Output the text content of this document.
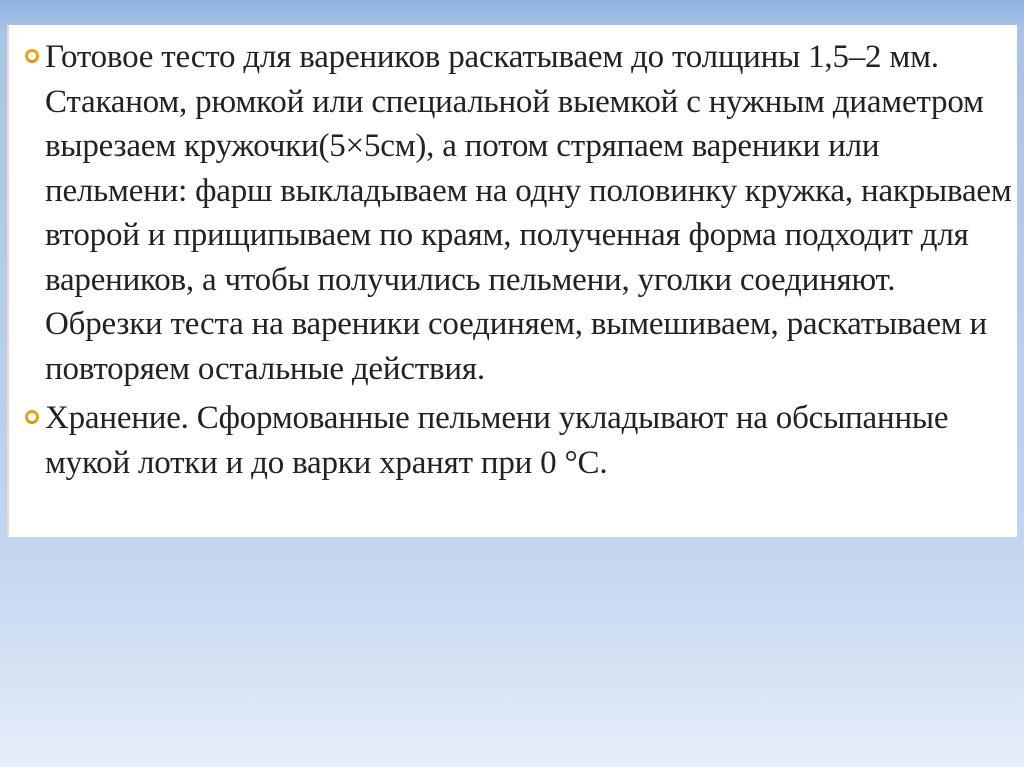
Готовое тесто для вареников раскатываем до толщины 1,5–2 мм. Стаканом, рюмкой или специальной выемкой с нужным диаметром вырезаем кружочки(5×5см), а потом стряпаем вареники или пельмени: фарш выкладываем на одну половинку кружка, накрываем второй и прищипываем по краям, полученная форма подходит для вареников, а чтобы получились пельмени, уголки соединяют. Обрезки теста на вареники соединяем, вымешиваем, раскатываем и повторяем остальные действия.
Хранение. Сформованные пельмени укладывают на обсыпанные мукой лотки и до варки хранят при 0 °С.
